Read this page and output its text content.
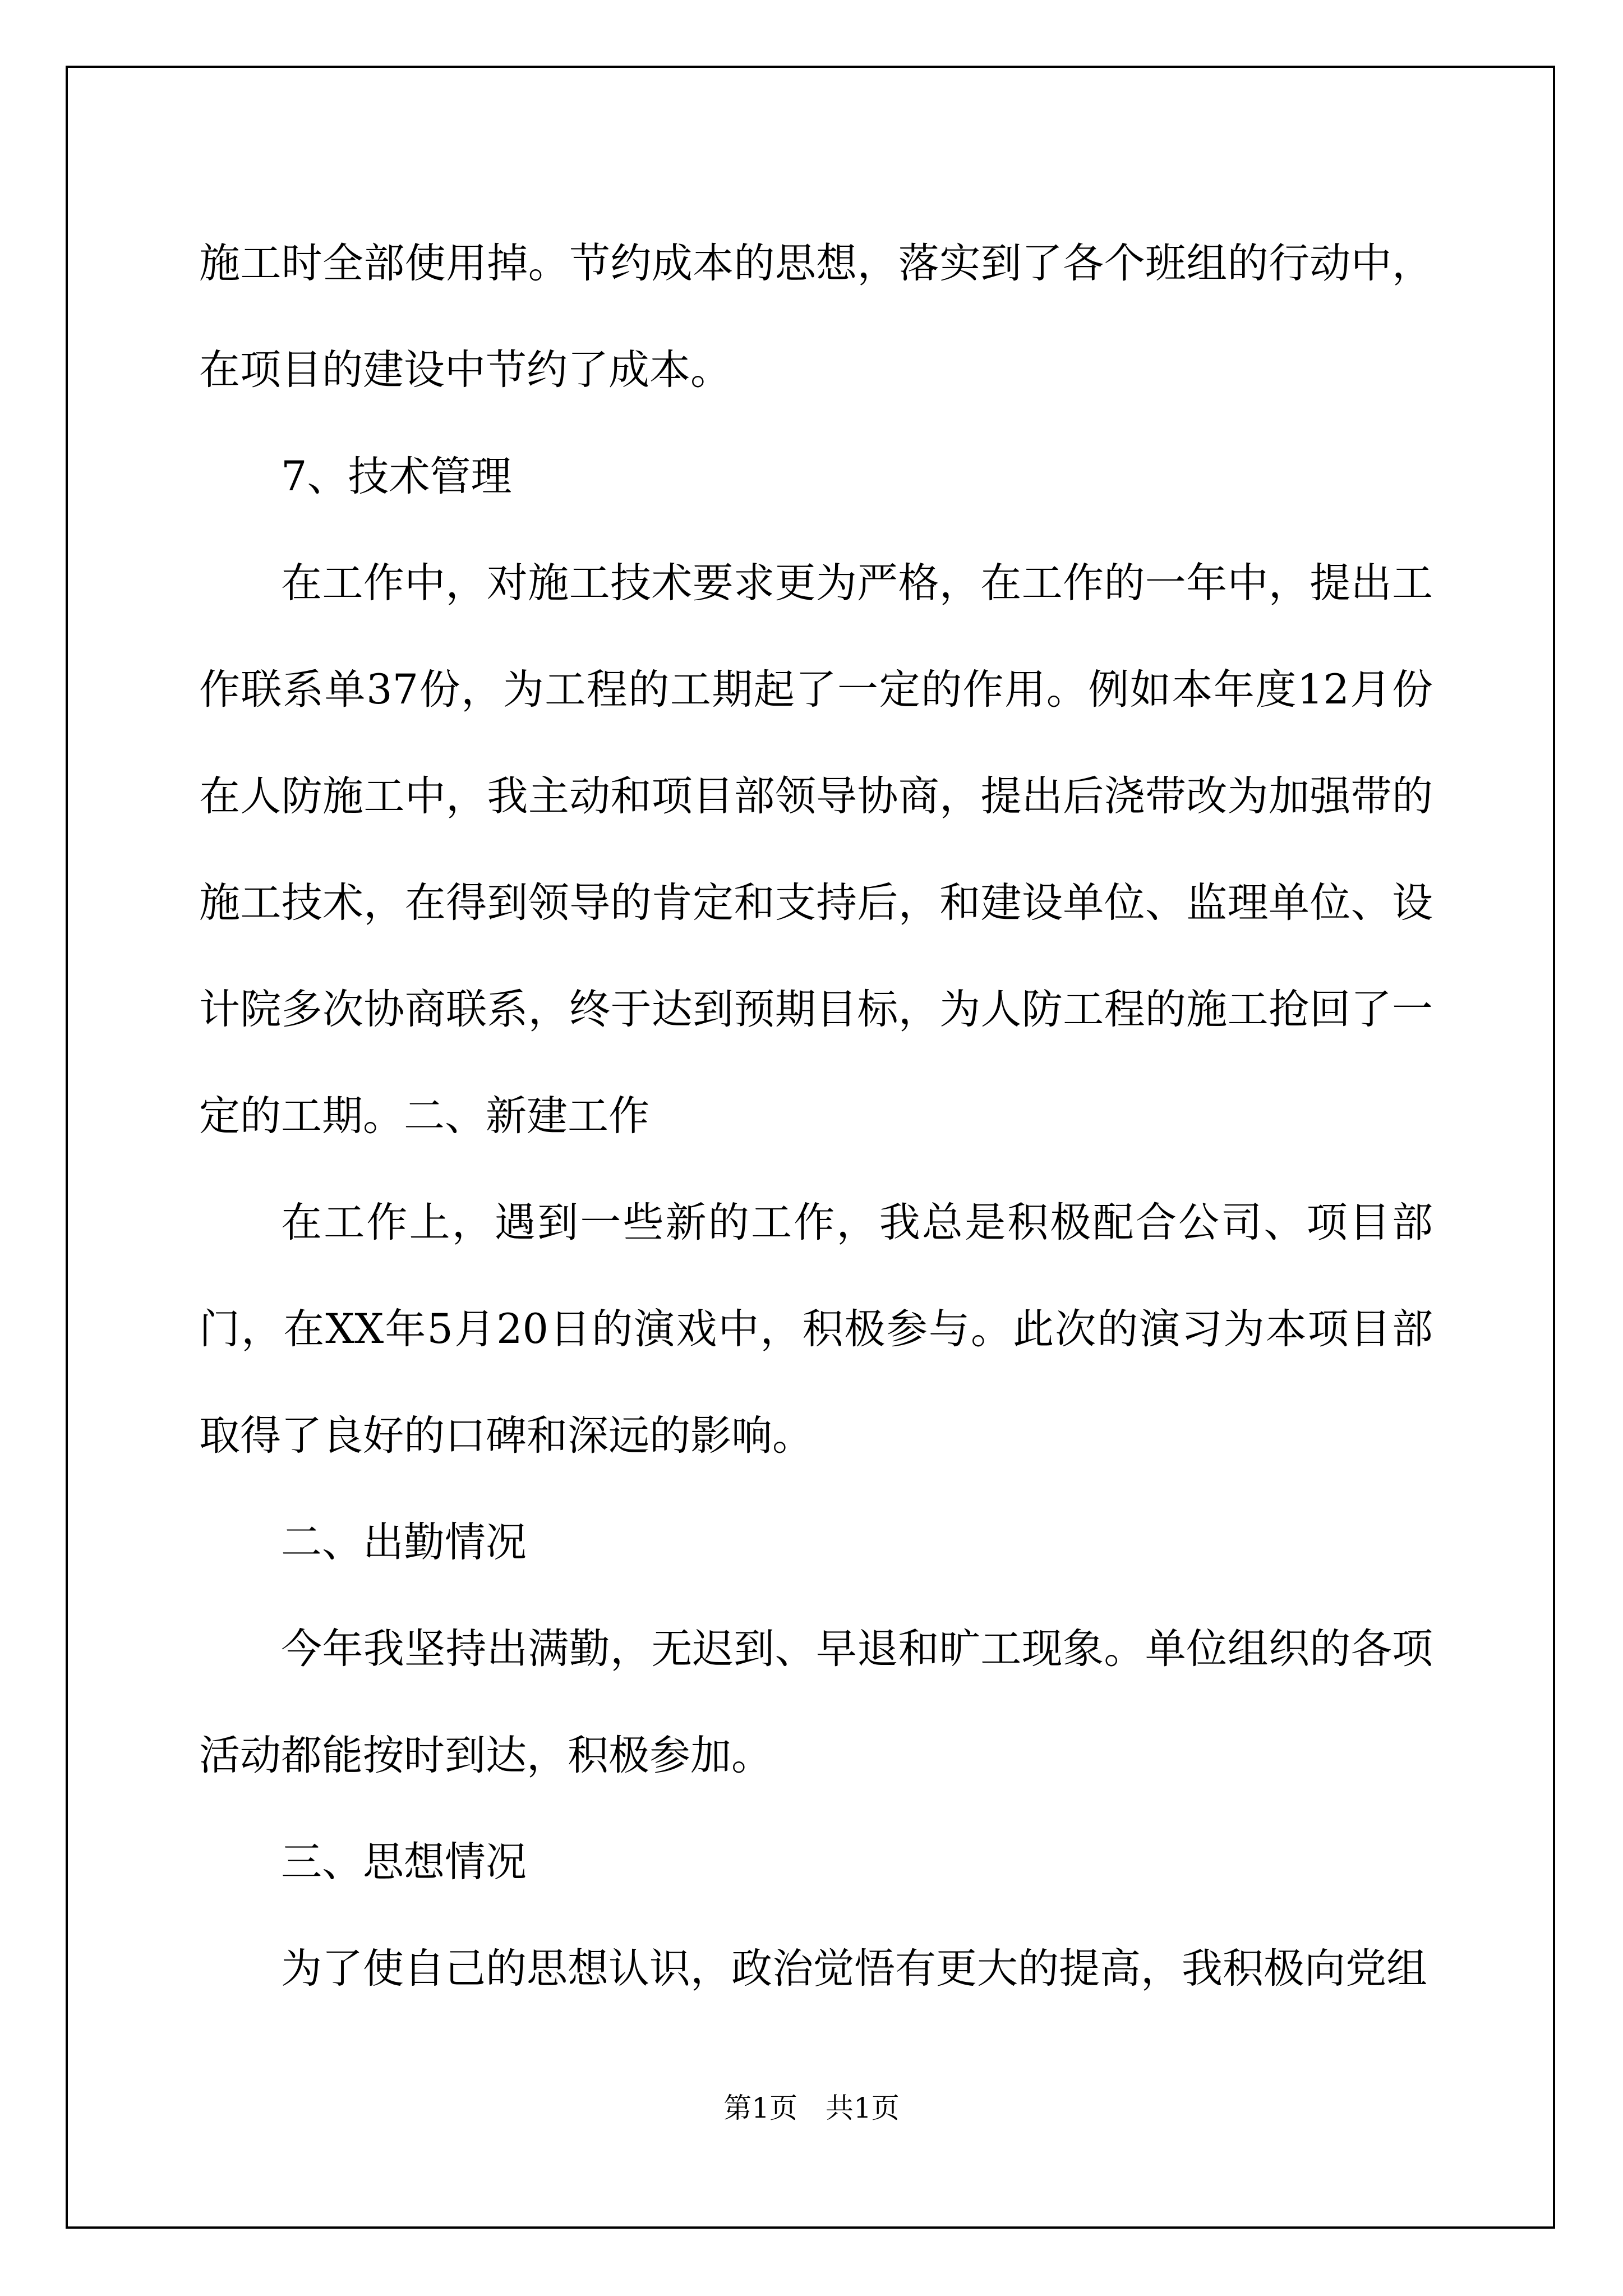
施工时全部使用掉。节约成本的思想，落实到了各个班组的行动中，在项目的建设中节约了成本。

7、技术管理

在工作中，对施工技术要求更为严格，在工作的一年中，提出工作联系单37份，为工程的工期起了一定的作用。例如本年度12月份在人防施工中，我主动和项目部领导协商，提出后浇带改为加强带的施工技术，在得到领导的肯定和支持后，和建设单位、监理单位、设计院多次协商联系，终于达到预期目标，为人防工程的施工抢回了一定的工期。二、新建工作

在工作上，遇到一些新的工作，我总是积极配合公司、项目部门，在XX年5月20日的演戏中，积极参与。此次的演习为本项目部取得了良好的口碑和深远的影响。

二、出勤情况

今年我坚持出满勤，无迟到、早退和旷工现象。单位组织的各项活动都能按时到达，积极参加。

三、思想情况

为了使自己的思想认识，政治觉悟有更大的提高，我积极向党组

第1页 共1页
